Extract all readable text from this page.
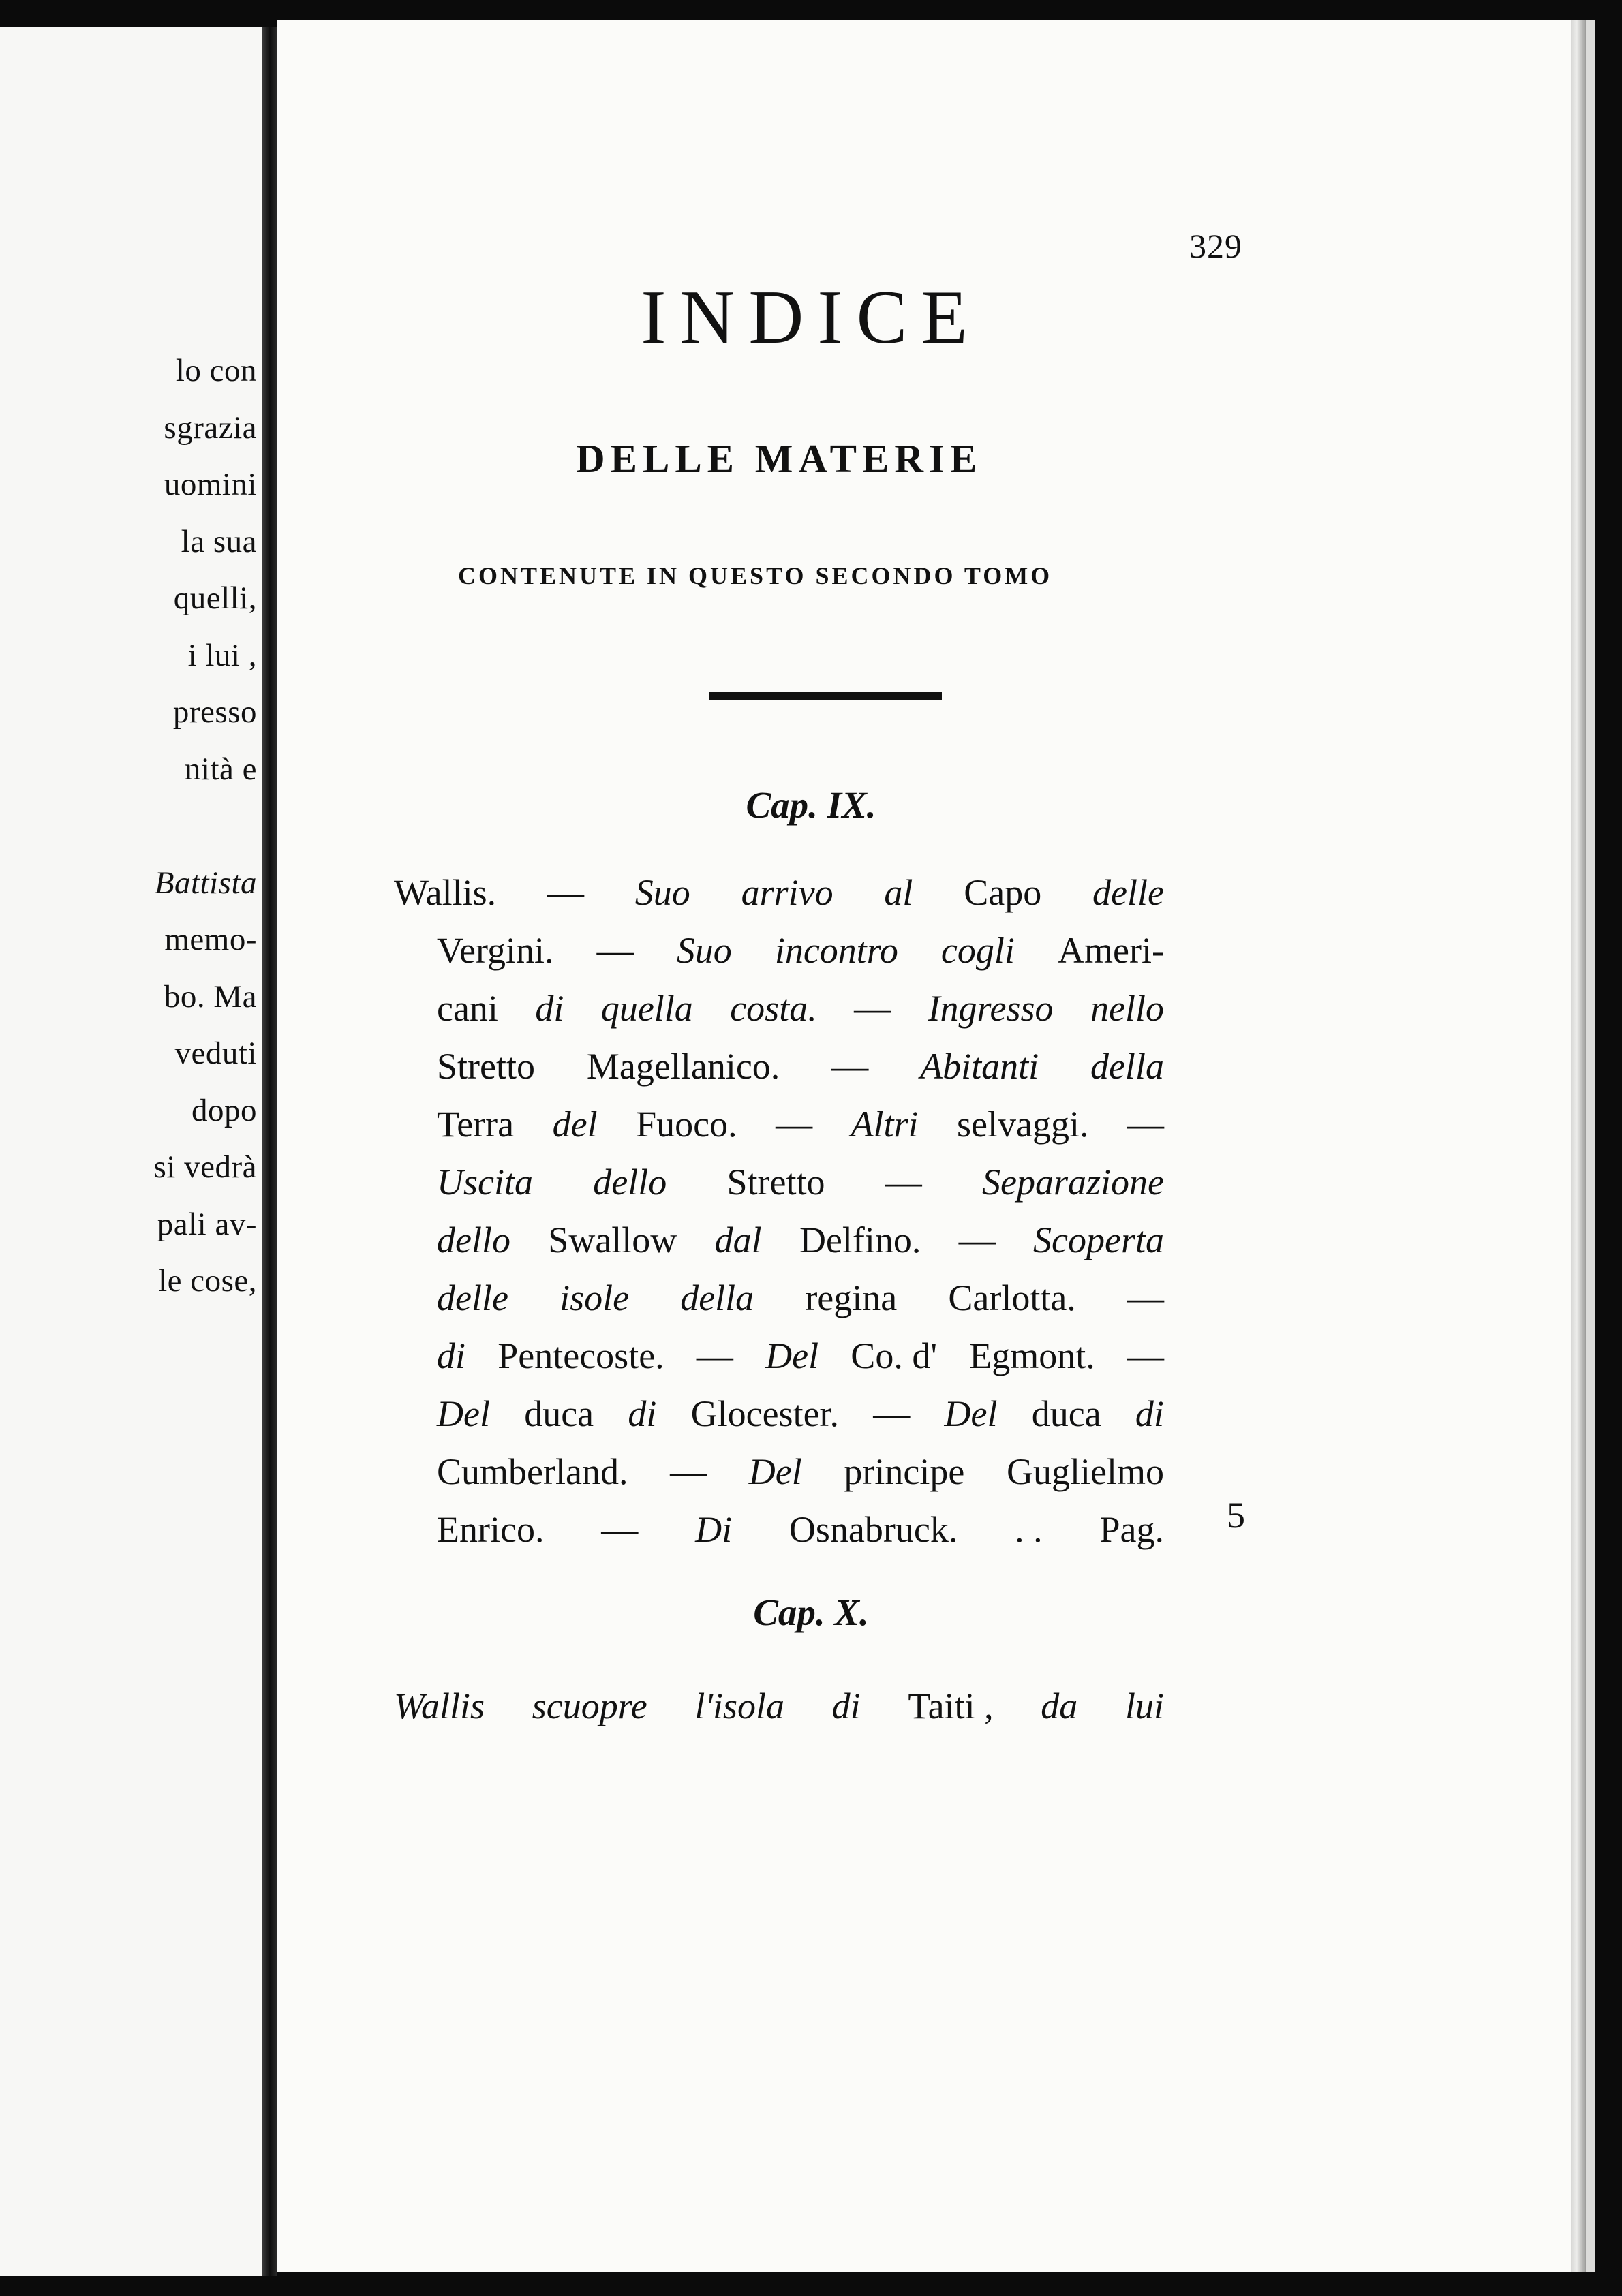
lo con
sgrazia
uomini
la sua
quelli,
i lui ,
presso
nità e

Battista
memo-
bo. Ma
veduti
dopo
si vedrà
pali av-
le cose,
329
INDICE
DELLE MATERIE
CONTENUTE IN QUESTO SECONDO TOMO
Cap. IX.
Wallis. — Suo arrivo al Capo delle
Vergini. — Suo incontro cogli Ameri-
cani di quella costa. — Ingresso nello
Stretto Magellanico. — Abitanti della
Terra del Fuoco. — Altri selvaggi. —
Uscita dello Stretto — Separazione
dello Swallow dal Delfino. — Scoperta
delle isole della regina Carlotta. —
di Pentecoste. — Del Co. d' Egmont. —
Del duca di Glocester. — Del duca di
Cumberland. — Del principe Guglielmo
Enrico. — Di Osnabruck. . . Pag. 5
Cap. X.
Wallis scuopre l'isola di Taiti , da lui
